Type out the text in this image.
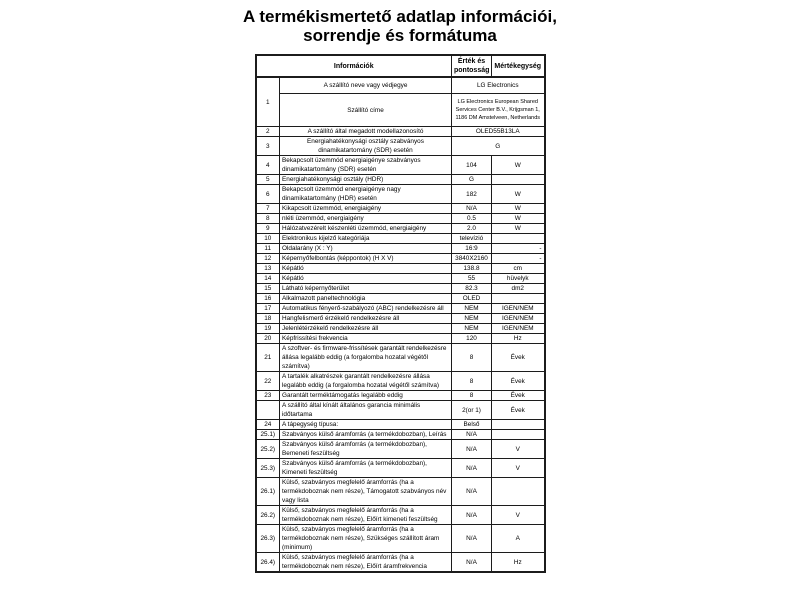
A termékismertető adatlap információi,
sorrendje és formátuma
Információk		Érték és pontosság	Mértékegység
1	A szállító neve vagy védjegye	LG Electronics	
	Szállító címe	LG Electronics European Shared Services Center B.V., Krijgsman 1, 1186 DM Amstelveen, Netherlands	
2	A szállító által megadott modellazonosító	OLED55B13LA	
3	Energiahatékonysági osztály szabványos dinamikatartomány (SDR) esetén	G	
4	Bekapcsolt üzemmód energiaigénye szabványos dinamikatartomány (SDR) esetén	104	W
5	Energiahatékonysági osztály (HDR)	G	
6	Bekapcsolt üzemmód energiaigénye nagy dinamikatartomány (HDR) esetén	182	W
7	Kikapcsolt üzemmód, energiaigény	N/A	W
8	nléti üzemmód, energiaigény	0.5	W
9	Hálózatvezérelt készenléti üzemmód, energiaigény	2.0	W
10	Elektronikus kijelző kategóriája	televízió	
11	Oldalarány (X : Y)	16:9	-
12	Képernyőfelbontás (képpontok) (H X V)	3840X2160	-
13	Képátló	138.8	cm
14	Képátló	55	hüvelyk
15	Látható képernyőterület	82.3	dm2
16	Alkalmazott paneltechnológia	OLED	
17	Automatikus fényerő-szabályozó (ABC) rendelkezésre áll	NEM	IGEN/NEM
18	Hangfelismerő érzékelő rendelkezésre áll	NEM	IGEN/NEM
19	Jelenlétérzékelő rendelkezésre áll	NEM	IGEN/NEM
20	Képfrissítési frekvencia	120	Hz
21	A szoftver- és firmware-frissítések garantált rendelkezésre állása legalább eddig (a forgalomba hozatal végétől számítva)	8	Évek
22	A tartalék alkatrészek garantált rendelkezésre állása legalább eddig (a forgalomba hozatal végétől számítva)	8	Évek
23	Garantált terméktámogatás legalább eddig	8	Évek
	A szállító által kínált általános garancia minimális időtartama	2(or 1)	Évek
24	A tápegység típusa:	Belső	
25.1)	Szabványos külső áramforrás (a termékdobozban), Leírás	N/A	
25.2)	Szabványos külső áramforrás (a termékdobozban), Bemeneti feszültség	N/A	V
25.3)	Szabványos külső áramforrás (a termékdobozban), Kimeneti feszültség	N/A	V
26.1)	Külső, szabványos megfelelő áramforrás (ha a termékdoboznak nem része), Támogatott szabványos név vagy lista	N/A	
26.2)	Külső, szabványos megfelelő áramforrás (ha a termékdoboznak nem része), Előírt kimeneti feszültség	N/A	V
26.3)	Külső, szabványos megfelelő áramforrás (ha a termékdoboznak nem része), Szükséges szállított áram (minimum)	N/A	A
26.4)	Külső, szabványos megfelelő áramforrás (ha a termékdoboznak nem része), Előírt áramfrekvencia	N/A	Hz
